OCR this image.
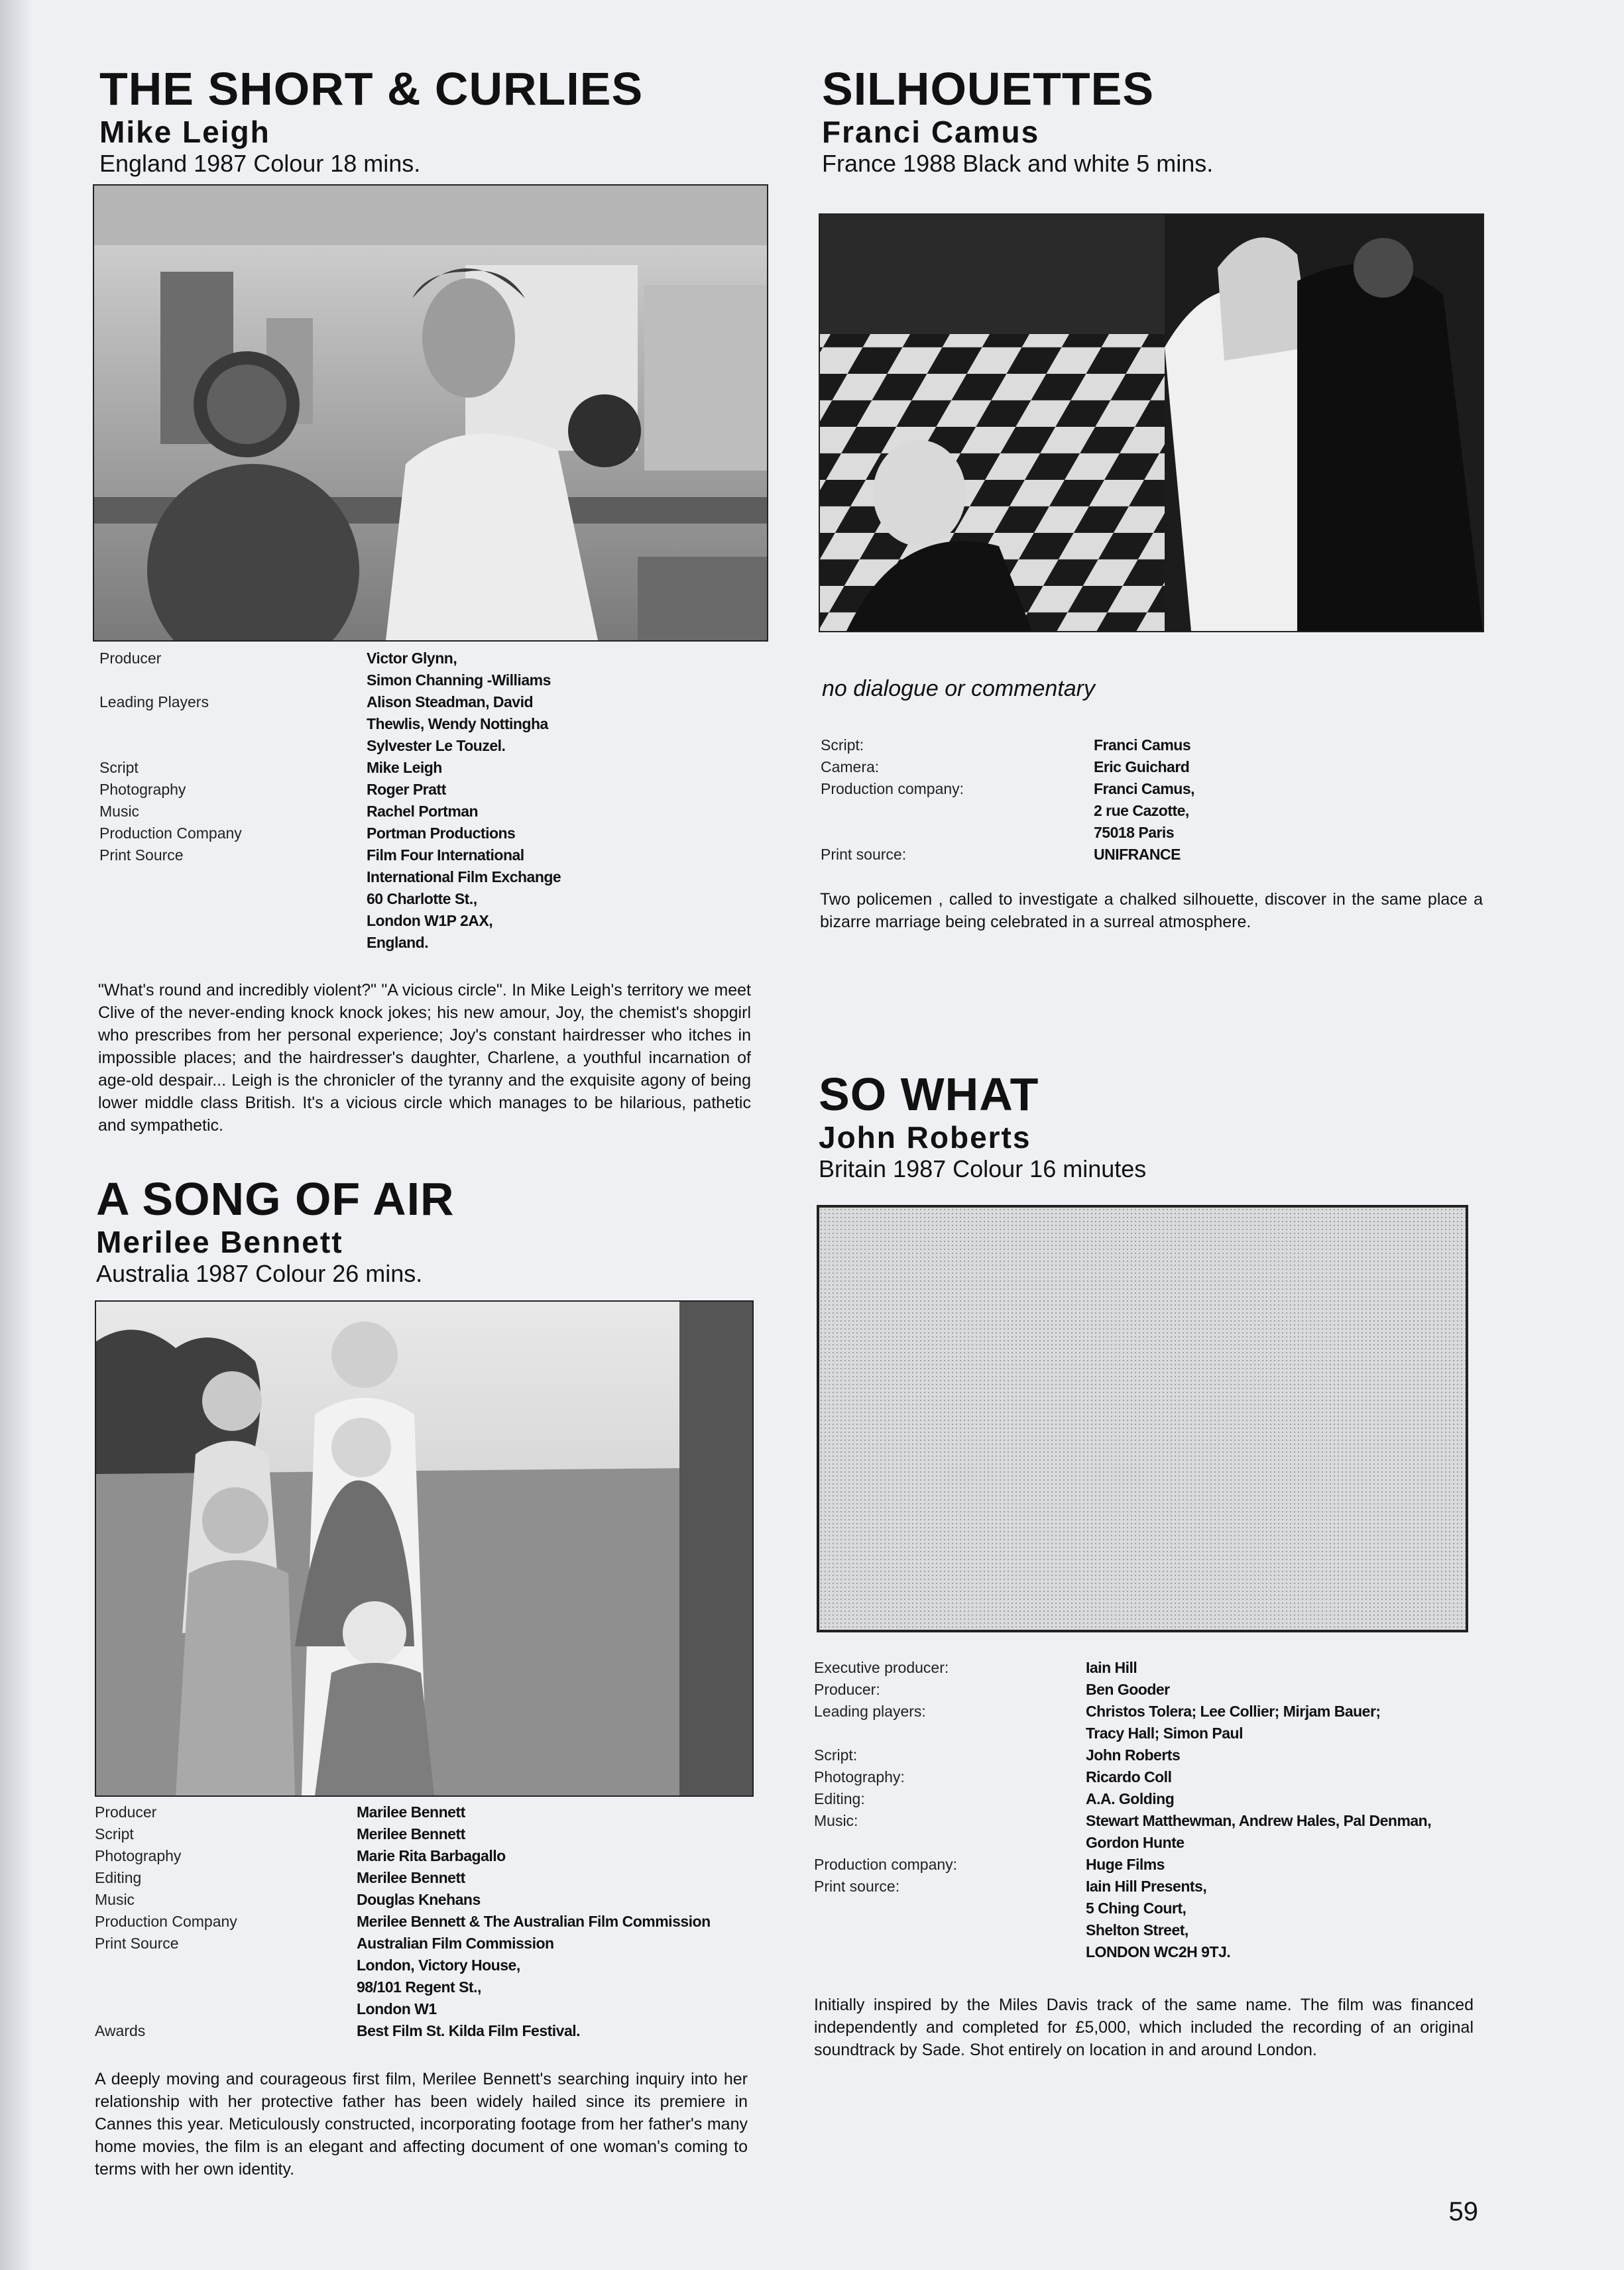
THE SHORT & CURLIES
Mike Leigh
England 1987 Colour 18 mins.
Producer	Victor Glynn,
Simon Channing -Williams
Leading Players	Alison Steadman, David
Thewlis, Wendy Nottingha
Sylvester Le Touzel.
Script	Mike Leigh
Photography	Roger Pratt
Music	Rachel Portman
Production Company	Portman Productions
Print Source	Film Four International
International Film Exchange
60 Charlotte St.,
London W1P 2AX,
England.
"What's round and incredibly violent?" "A vicious circle". In Mike Leigh's territory we meet Clive of the never-ending knock knock jokes; his new amour, Joy, the chemist's shopgirl who prescribes from her personal experience; Joy's constant hairdresser who itches in impossible places; and the hairdresser's daughter, Charlene, a youthful incarnation of age-old despair... Leigh is the chronicler of the tyranny and the exquisite agony of being lower middle class British. It's a vicious circle which manages to be hilarious, pathetic and sympathetic.
A SONG OF AIR
Merilee Bennett
Australia 1987 Colour 26 mins.
Producer	Marilee Bennett
Script	Merilee Bennett
Photography	Marie Rita Barbagallo
Editing	Merilee Bennett
Music	Douglas Knehans
Production Company	Merilee Bennett & The Australian Film Commission
Print Source	Australian Film Commission
London, Victory House,
98/101 Regent St.,
London W1
Awards	Best Film St. Kilda Film Festival.
A deeply moving and courageous first film, Merilee Bennett's searching inquiry into her relationship with her protective father has been widely hailed since its premiere in Cannes this year. Meticulously constructed, incorporating footage from her father's many home movies, the film is an elegant and affecting document of one woman's coming to terms with her own identity.
SILHOUETTES
Franci Camus
France 1988 Black and white 5 mins.
no dialogue or commentary
Script:	Franci Camus
Camera:	Eric Guichard
Production company:	Franci Camus,
2 rue Cazotte,
75018 Paris
Print source:	UNIFRANCE
Two policemen , called to investigate a chalked silhouette, discover in the same place a bizarre marriage being celebrated in a surreal atmosphere.
SO WHAT
John Roberts
Britain 1987 Colour 16 minutes
Executive producer:	Iain Hill
Producer:	Ben Gooder
Leading players:	Christos Tolera; Lee Collier; Mirjam Bauer;
Tracy Hall; Simon Paul
Script:	John Roberts
Photography:	Ricardo Coll
Editing:	A.A. Golding
Music:	Stewart Matthewman, Andrew Hales, Pal Denman,
Gordon Hunte
Production company:	Huge Films
Print source:	Iain Hill Presents,
5 Ching Court,
Shelton Street,
LONDON WC2H 9TJ.
Initially inspired by the Miles Davis track of the same name. The film was financed independently and completed for £5,000, which included the recording of an original soundtrack by Sade. Shot entirely on location in and around London.
59
